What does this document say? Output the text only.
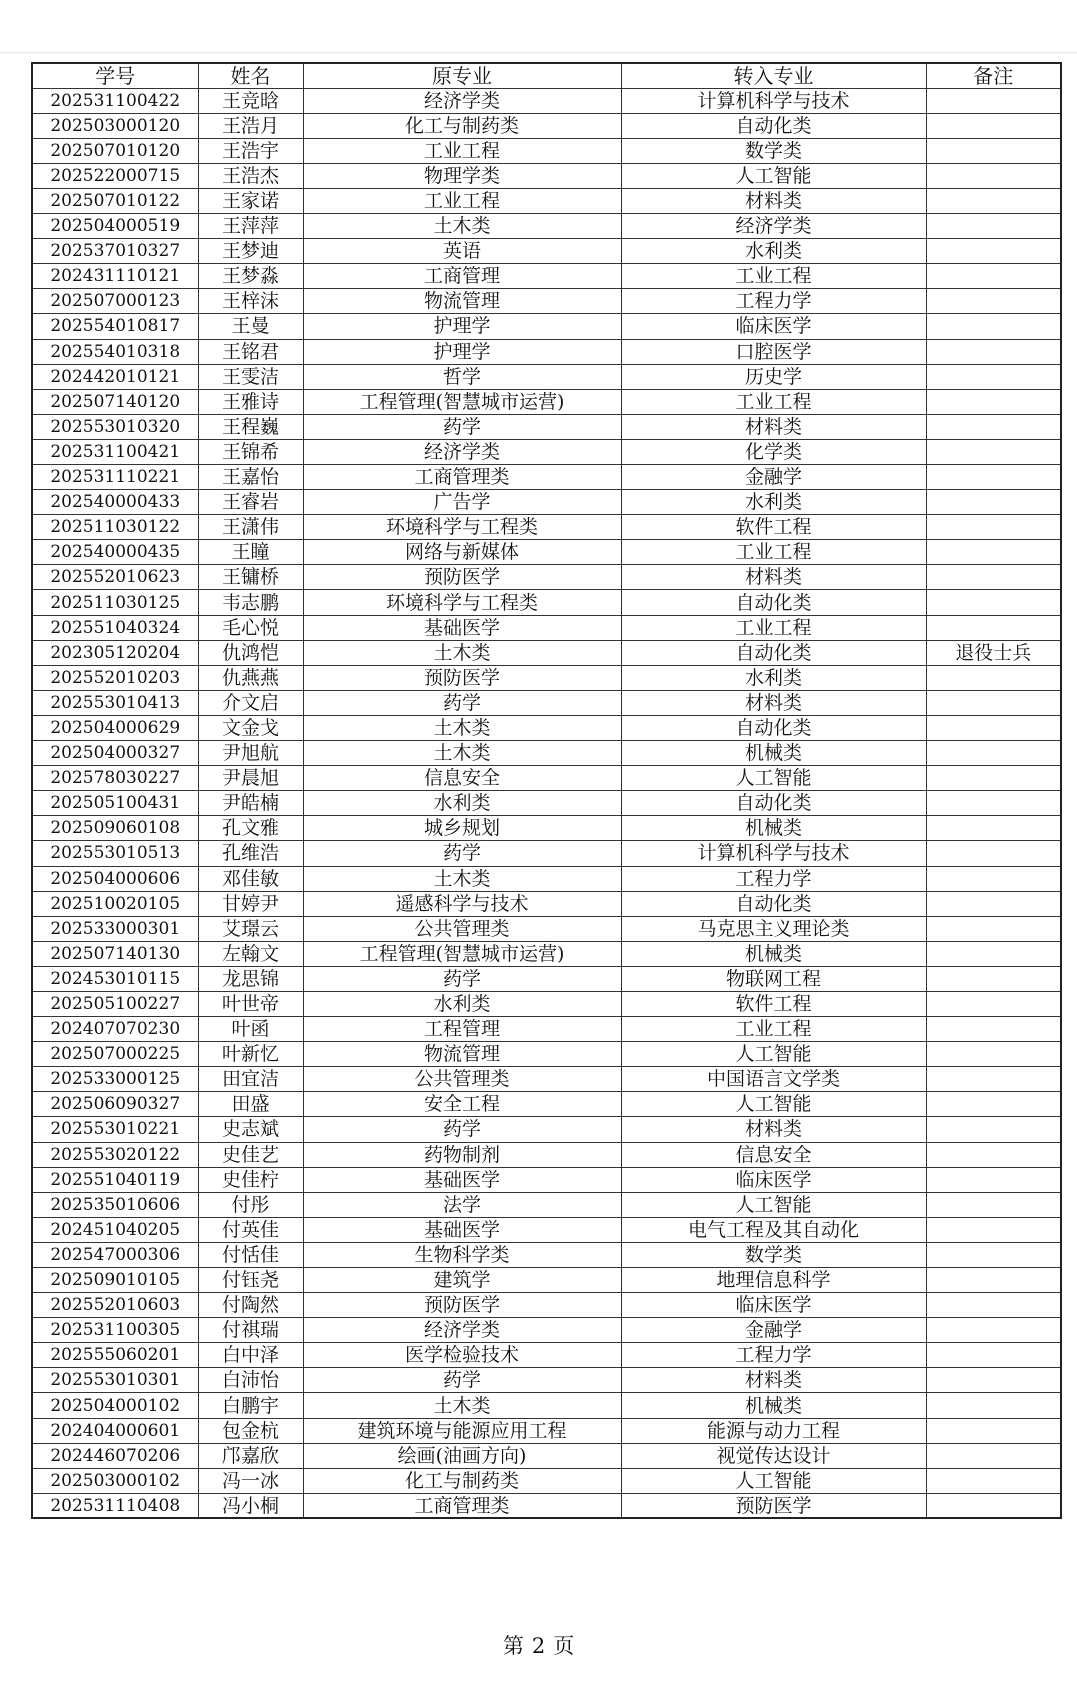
学号	姓名	原专业	转入专业	备注
202531100422	王竞晗	经济学类	计算机科学与技术	
202503000120	王浩月	化工与制药类	自动化类	
202507010120	王浩宇	工业工程	数学类	
202522000715	王浩杰	物理学类	人工智能	
202507010122	王家诺	工业工程	材料类	
202504000519	王萍萍	土木类	经济学类	
202537010327	王梦迪	英语	水利类	
202431110121	王梦淼	工商管理	工业工程	
202507000123	王梓沫	物流管理	工程力学	
202554010817	王曼	护理学	临床医学	
202554010318	王铭君	护理学	口腔医学	
202442010121	王雯洁	哲学	历史学	
202507140120	王雅诗	工程管理(智慧城市运营)	工业工程	
202553010320	王程巍	药学	材料类	
202531100421	王锦希	经济学类	化学类	
202531110221	王嘉怡	工商管理类	金融学	
202540000433	王睿岩	广告学	水利类	
202511030122	王潇伟	环境科学与工程类	软件工程	
202540000435	王瞳	网络与新媒体	工业工程	
202552010623	王镛桥	预防医学	材料类	
202511030125	韦志鹏	环境科学与工程类	自动化类	
202551040324	毛心悦	基础医学	工业工程	
202305120204	仇鸿恺	土木类	自动化类	退役士兵
202552010203	仇燕燕	预防医学	水利类	
202553010413	介文启	药学	材料类	
202504000629	文金戈	土木类	自动化类	
202504000327	尹旭航	土木类	机械类	
202578030227	尹晨旭	信息安全	人工智能	
202505100431	尹皓楠	水利类	自动化类	
202509060108	孔文雅	城乡规划	机械类	
202553010513	孔维浩	药学	计算机科学与技术	
202504000606	邓佳敏	土木类	工程力学	
202510020105	甘婷尹	遥感科学与技术	自动化类	
202533000301	艾璟云	公共管理类	马克思主义理论类	
202507140130	左翰文	工程管理(智慧城市运营)	机械类	
202453010115	龙思锦	药学	物联网工程	
202505100227	叶世帝	水利类	软件工程	
202407070230	叶函	工程管理	工业工程	
202507000225	叶新忆	物流管理	人工智能	
202533000125	田宜洁	公共管理类	中国语言文学类	
202506090327	田盛	安全工程	人工智能	
202553010221	史志斌	药学	材料类	
202553020122	史佳艺	药物制剂	信息安全	
202551040119	史佳柠	基础医学	临床医学	
202535010606	付彤	法学	人工智能	
202451040205	付英佳	基础医学	电气工程及其自动化	
202547000306	付恬佳	生物科学类	数学类	
202509010105	付钰尧	建筑学	地理信息科学	
202552010603	付陶然	预防医学	临床医学	
202531100305	付祺瑞	经济学类	金融学	
202555060201	白中泽	医学检验技术	工程力学	
202553010301	白沛怡	药学	材料类	
202504000102	白鹏宇	土木类	机械类	
202404000601	包金杭	建筑环境与能源应用工程	能源与动力工程	
202446070206	邝嘉欣	绘画(油画方向)	视觉传达设计	
202503000102	冯一冰	化工与制药类	人工智能	
202531110408	冯小桐	工商管理类	预防医学	
第 2 页
